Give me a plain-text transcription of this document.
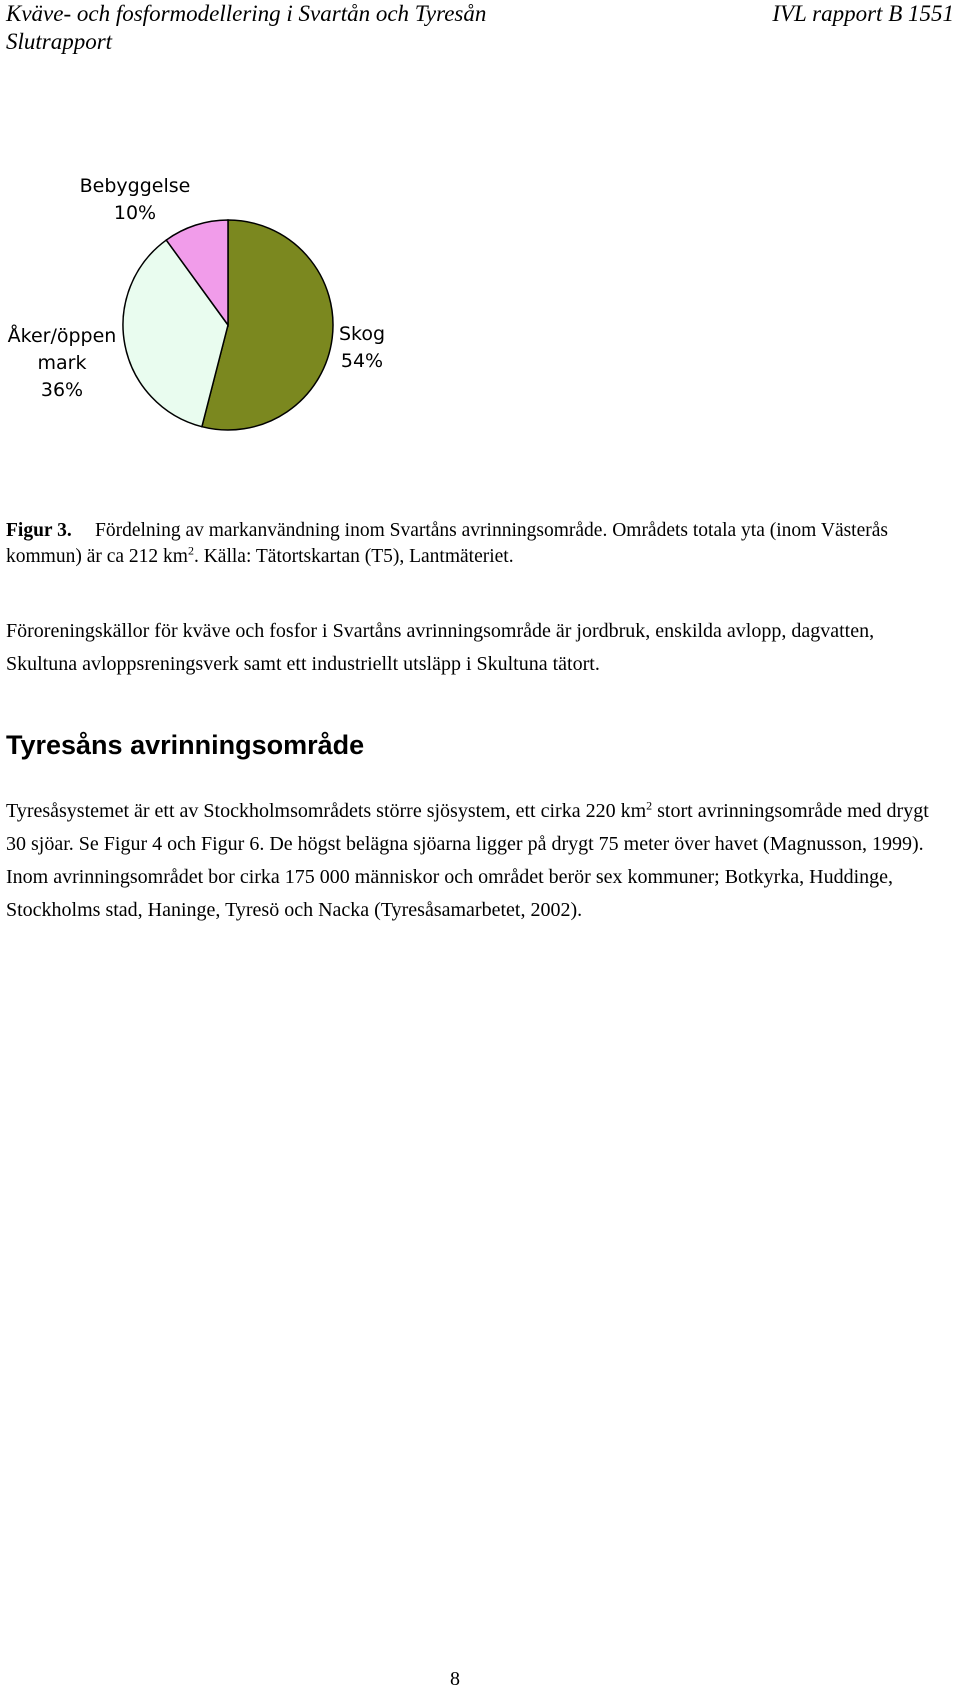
Kväve- och fosformodellering i Svartån och Tyresån	IVL rapport B 1551
Slutrapport
Skog
54%
Åker/öppen
mark
36%
Bebyggelse
10%
Figur 3. Fördelning av markanvändning inom Svartåns avrinningsområde. Områdets totala yta (inom Västerås kommun) är ca 212 $km^2$. Källa: Tätortskartan (T5), Lantmäteriet.
Föroreningskällor för kväve och fosfor i Svartåns avrinningsområde är jordbruk, enskilda avlopp, dagvatten, Skultuna avloppsreningsverk samt ett industriellt utsläpp i Skultuna tätort.
Tyresåns avrinningsområde
Tyresåsystemet är ett av Stockholmsområdets större sjösystem, ett cirka 220 $km^2$ stort avrinningsområde med drygt 30 sjöar. Se Figur 4 och Figur 6. De högst belägna sjöarna ligger på drygt 75 meter över havet (Magnusson, 1999). Inom avrinningsområdet bor cirka 175 000 människor och området berör sex kommuner; Botkyrka, Huddinge, Stockholms stad, Haninge, Tyresö och Nacka (Tyresåsamarbetet, 2002).
8
